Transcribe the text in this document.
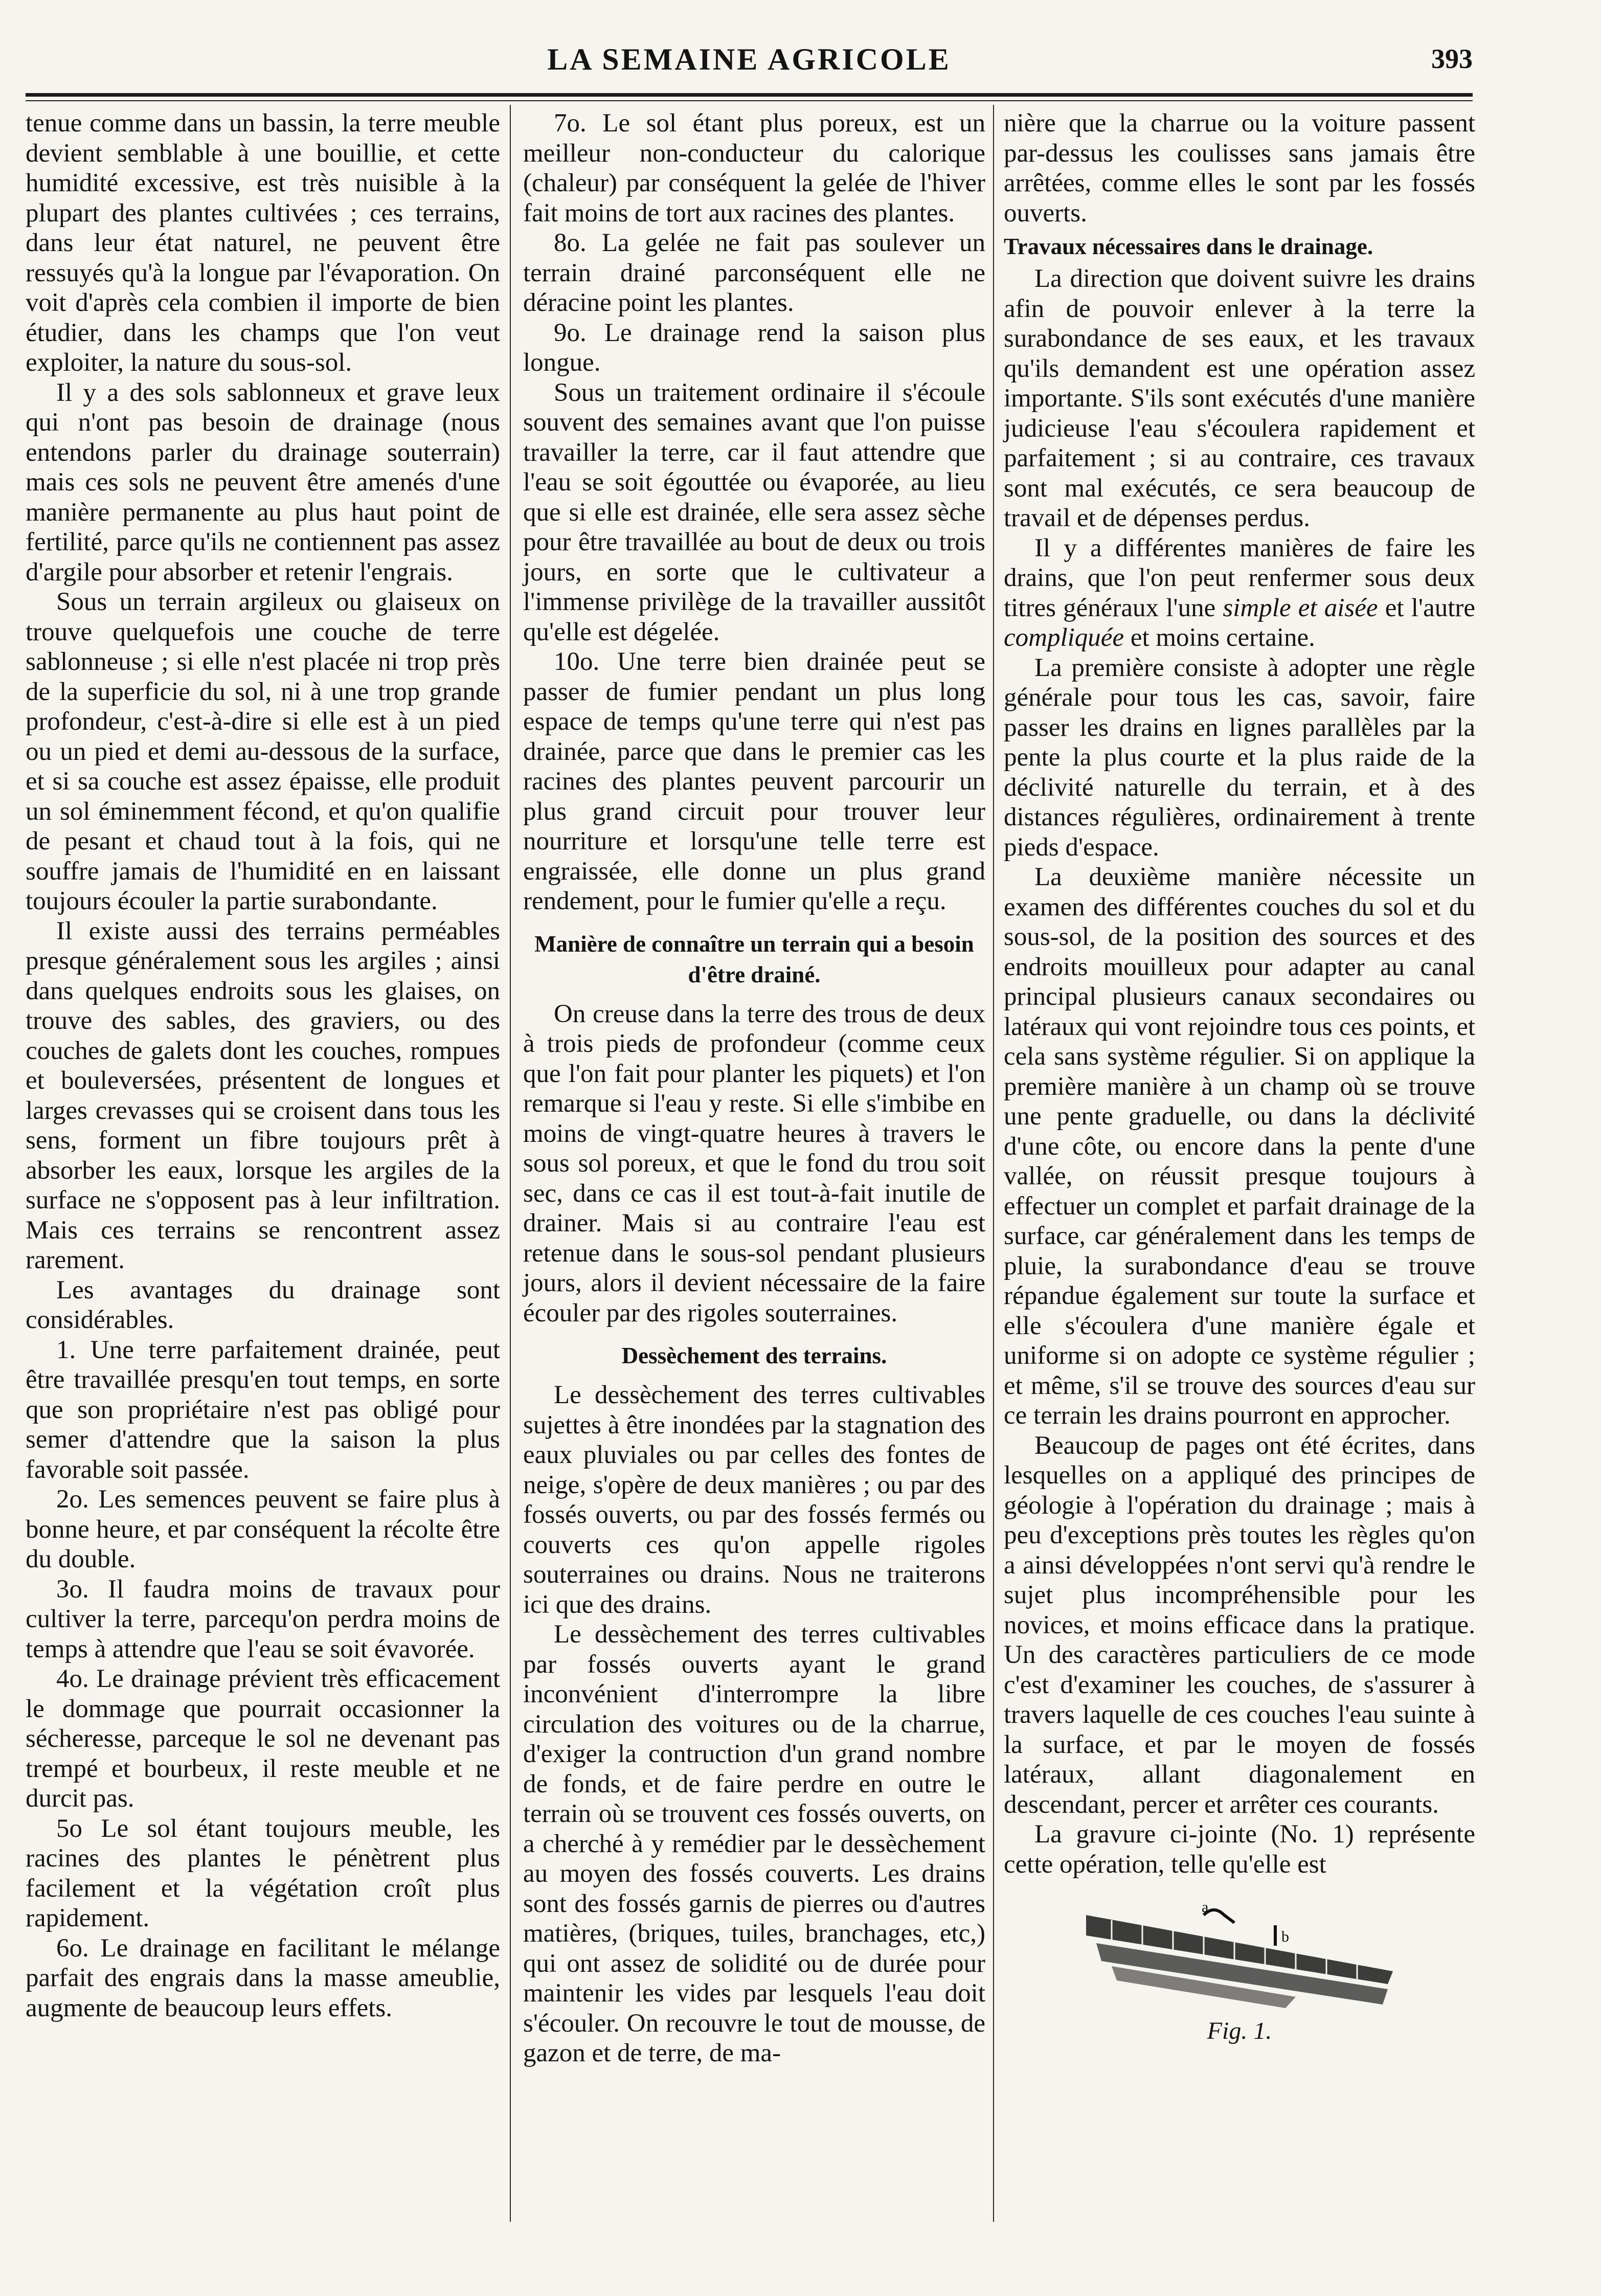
LA SEMAINE AGRICOLE	393

tenue comme dans un bassin, la terre meuble devient semblable à une bouillie, et cette humidité excessive, est très nuisible à la plupart des plantes cultivées ; ces terrains, dans leur état naturel, ne peuvent être ressuyés qu'à la longue par l'évaporation. On voit d'après cela combien il importe de bien étudier, dans les champs que l'on veut exploiter, la nature du sous-sol.

Il y a des sols sablonneux et grave leux qui n'ont pas besoin de drainage (nous entendons parler du drainage souterrain) mais ces sols ne peuvent être amenés d'une manière permanente au plus haut point de fertilité, parce qu'ils ne contiennent pas assez d'argile pour absorber et retenir l'engrais.

Sous un terrain argileux ou glaiseux on trouve quelquefois une couche de terre sablonneuse ; si elle n'est placée ni trop près de la superficie du sol, ni à une trop grande profondeur, c'est-à-dire si elle est à un pied ou un pied et demi au-dessous de la surface, et si sa couche est assez épaisse, elle produit un sol éminemment fécond, et qu'on qualifie de pesant et chaud tout à la fois, qui ne souffre jamais de l'humidité en en laissant toujours écouler la partie surabondante.

Il existe aussi des terrains perméables presque généralement sous les argiles ; ainsi dans quelques endroits sous les glaises, on trouve des sables, des graviers, ou des couches de galets dont les couches, rompues et bouleversées, présentent de longues et larges crevasses qui se croisent dans tous les sens, forment un fibre toujours prêt à absorber les eaux, lorsque les argiles de la surface ne s'opposent pas à leur infiltration. Mais ces terrains se rencontrent assez rarement.

Les avantages du drainage sont considérables.

1. Une terre parfaitement drainée, peut être travaillée presqu'en tout temps, en sorte que son propriétaire n'est pas obligé pour semer d'attendre que la saison la plus favorable soit passée.

2o. Les semences peuvent se faire plus à bonne heure, et par conséquent la récolte être du double.

3o. Il faudra moins de travaux pour cultiver la terre, parcequ'on perdra moins de temps à attendre que l'eau se soit évavorée.

4o. Le drainage prévient très efficacement le dommage que pourrait occasionner la sécheresse, parceque le sol ne devenant pas trempé et bourbeux, il reste meuble et ne durcit pas.

5o Le sol étant toujours meuble, les racines des plantes le pénètrent plus facilement et la végétation croît plus rapidement.

6o. Le drainage en facilitant le mélange parfait des engrais dans la masse ameublie, augmente de beaucoup leurs effets.

7o. Le sol étant plus poreux, est un meilleur non-conducteur du calorique (chaleur) par conséquent la gelée de l'hiver fait moins de tort aux racines des plantes.

8o. La gelée ne fait pas soulever un terrain drainé parconséquent elle ne déracine point les plantes.

9o. Le drainage rend la saison plus longue.

Sous un traitement ordinaire il s'écoule souvent des semaines avant que l'on puisse travailler la terre, car il faut attendre que l'eau se soit égouttée ou évaporée, au lieu que si elle est drainée, elle sera assez sèche pour être travaillée au bout de deux ou trois jours, en sorte que le cultivateur a l'immense privilège de la travailler aussitôt qu'elle est dégelée.

10o. Une terre bien drainée peut se passer de fumier pendant un plus long espace de temps qu'une terre qui n'est pas drainée, parce que dans le premier cas les racines des plantes peuvent parcourir un plus grand circuit pour trouver leur nourriture et lorsqu'une telle terre est engraissée, elle donne un plus grand rendement, pour le fumier qu'elle a reçu.

Manière de connaître un terrain qui a besoin d'être drainé.

On creuse dans la terre des trous de deux à trois pieds de profondeur (comme ceux que l'on fait pour planter les piquets) et l'on remarque si l'eau y reste. Si elle s'imbibe en moins de vingt-quatre heures à travers le sous sol poreux, et que le fond du trou soit sec, dans ce cas il est tout-à-fait inutile de drainer. Mais si au contraire l'eau est retenue dans le sous-sol pendant plusieurs jours, alors il devient nécessaire de la faire écouler par des rigoles souterraines.

Dessèchement des terrains.

Le dessèchement des terres cultivables sujettes à être inondées par la stagnation des eaux pluviales ou par celles des fontes de neige, s'opère de deux manières ; ou par des fossés ouverts, ou par des fossés fermés ou couverts ces qu'on appelle rigoles souterraines ou drains. Nous ne traiterons ici que des drains.

Le dessèchement des terres cultivables par fossés ouverts ayant le grand inconvénient d'interrompre la libre circulation des voitures ou de la charrue, d'exiger la contruction d'un grand nombre de fonds, et de faire perdre en outre le terrain où se trouvent ces fossés ouverts, on a cherché à y remédier par le dessèchement au moyen des fossés couverts. Les drains sont des fossés garnis de pierres ou d'autres matières, (briques, tuiles, branchages, etc,) qui ont assez de solidité ou de durée pour maintenir les vides par lesquels l'eau doit s'écouler. On recouvre le tout de mousse, de gazon et de terre, de ma-

nière que la charrue ou la voiture passent par-dessus les coulisses sans jamais être arrêtées, comme elles le sont par les fossés ouverts.

Travaux nécessaires dans le drainage.

La direction que doivent suivre les drains afin de pouvoir enlever à la terre la surabondance de ses eaux, et les travaux qu'ils demandent est une opération assez importante. S'ils sont exécutés d'une manière judicieuse l'eau s'écoulera rapidement et parfaitement ; si au contraire, ces travaux sont mal exécutés, ce sera beaucoup de travail et de dépenses perdus.

Il y a différentes manières de faire les drains, que l'on peut renfermer sous deux titres généraux l'une simple et aisée et l'autre compliquée et moins certaine.

La première consiste à adopter une règle générale pour tous les cas, savoir, faire passer les drains en lignes parallèles par la pente la plus courte et la plus raide de la déclivité naturelle du terrain, et à des distances régulières, ordinairement à trente pieds d'espace.

La deuxième manière nécessite un examen des différentes couches du sol et du sous-sol, de la position des sources et des endroits mouilleux pour adapter au canal principal plusieurs canaux secondaires ou latéraux qui vont rejoindre tous ces points, et cela sans système régulier. Si on applique la première manière à un champ où se trouve une pente graduelle, ou dans la déclivité d'une côte, ou encore dans la pente d'une vallée, on réussit presque toujours à effectuer un complet et parfait drainage de la surface, car généralement dans les temps de pluie, la surabondance d'eau se trouve répandue également sur toute la surface et elle s'écoulera d'une manière égale et uniforme si on adopte ce système régulier ; et même, s'il se trouve des sources d'eau sur ce terrain les drains pourront en approcher.

Beaucoup de pages ont été écrites, dans lesquelles on a appliqué des principes de géologie à l'opération du drainage ; mais à peu d'exceptions près toutes les règles qu'on a ainsi développées n'ont servi qu'à rendre le sujet plus incompréhensible pour les novices, et moins efficace dans la pratique. Un des caractères particuliers de ce mode c'est d'examiner les couches, de s'assurer à travers laquelle de ces couches l'eau suinte à la surface, et par le moyen de fossés latéraux, allant diagonalement en descendant, percer et arrêter ces courants.

La gravure ci-jointe (No. 1) représente cette opération, telle qu'elle est

a
b
Fig. 1.
